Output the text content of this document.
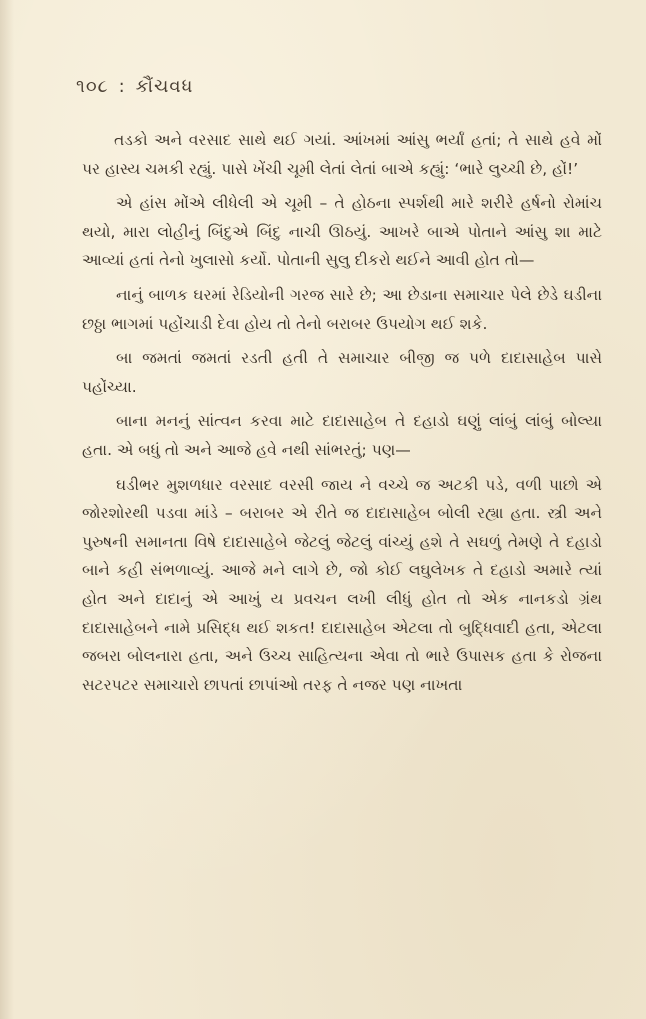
૧૦૮ : કૌંચવધ

તડકો અને વરસાદ સાથે થઈ ગયાં. આંખમાં આંસુ ભર્યાં હતાં; તે સાથે હવે મોં પર હાસ્ય ચમકી રહ્યું. પાસે ખેંચી ચૂમી લેતાં લેતાં બાએ કહ્યું: ‘ભારે લુચ્ચી છે, હોં!’

એ હાંસ મોંએ લીધેલી એ ચૂમી – તે હોઠના સ્પર્શથી મારે શરીરે હર્ષનો રોમાંચ થયો, મારા લોહીનું બિંદુએ બિંદુ નાચી ઊઠયું. આખરે બાએ પોતાને આંસુ શા માટે આવ્યાં હતાં તેનો ખુલાસો કર્યો. પોતાની સુલુ દીકરો થઈને આવી હોત તો—

નાનું બાળક ઘરમાં રેડિયોની ગરજ સારે છે; આ છેડાના સમાચાર પેલે છેડે ઘડીના છઠ્ઠા ભાગમાં પહોંચાડી દેવા હોય તો તેનો બરાબર ઉપયોગ થઈ શકે.

બા જમતાં જમતાં રડતી હતી તે સમાચાર બીજી જ પળે દાદાસાહેબ પાસે પહોંચ્યા.

બાના મનનું સાંત્વન કરવા માટે દાદાસાહેબ તે દહાડો ઘણું લાંબું લાંબું બોલ્યા હતા. એ બધું તો અને આજે હવે નથી સાંભરતું; પણ—

ઘડીભર મુશળધાર વરસાદ વરસી જાય ને વચ્ચે જ અટકી પડે, વળી પાછો એ જોરશોરથી પડવા માંડે – બરાબર એ રીતે જ દાદાસાહેબ બોલી રહ્યા હતા. સ્ત્રી અને પુરુષની સમાનતા વિષે દાદાસાહેબે જેટલું જેટલું વાંચ્યું હશે તે સઘળું તેમણે તે દહાડો બાને કહી સંભળાવ્યું. આજે મને લાગે છે, જો કોઈ લઘુલેખક તે દહાડો અમારે ત્યાં હોત અને દાદાનું એ આખું ય પ્રવચન લખી લીધું હોત તો એક નાનકડો ગ્રંથ દાદાસાહેબને નામે પ્રસિદ્ધ થઈ શકત! દાદાસાહેબ એટલા તો બુદ્ધિવાદી હતા, એટલા જબરા બોલનારા હતા, અને ઉચ્ચ સાહિત્યના એવા તો ભારે ઉપાસક હતા કે રોજના સટરપટર સમાચારો છાપતાં છાપાંઓ તરફ તે નજર પણ નાખતા
